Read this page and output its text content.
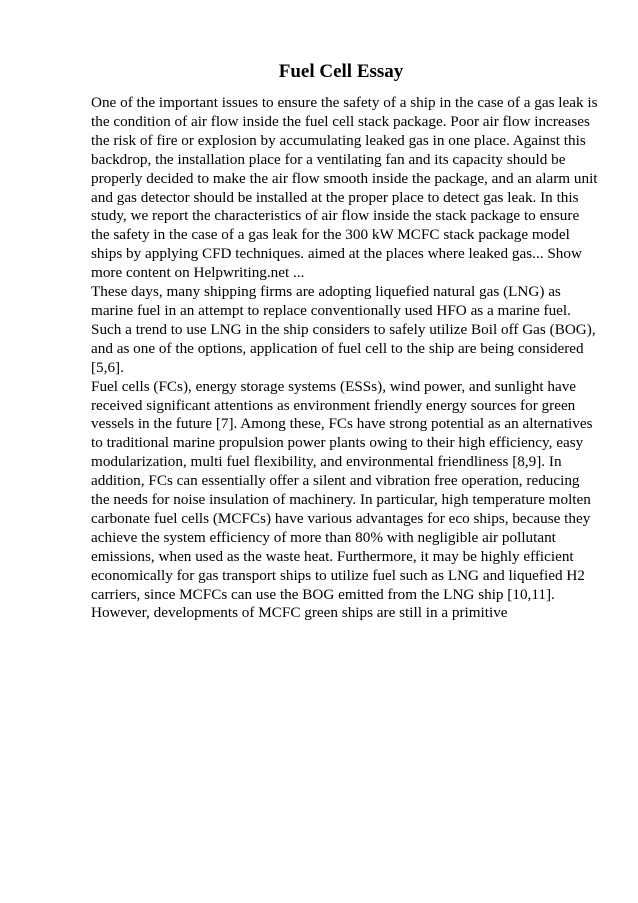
Fuel Cell Essay

One of the important issues to ensure the safety of a ship in the case of a gas leak is the condition of air flow inside the fuel cell stack package. Poor air flow increases the risk of fire or explosion by accumulating leaked gas in one place. Against this backdrop, the installation place for a ventilating fan and its capacity should be properly decided to make the air flow smooth inside the package, and an alarm unit and gas detector should be installed at the proper place to detect gas leak. In this study, we report the characteristics of air flow inside the stack package to ensure the safety in the case of a gas leak for the 300 kW MCFC stack package model ships by applying CFD techniques. aimed at the places where leaked gas... Show more content on Helpwriting.net ...

These days, many shipping firms are adopting liquefied natural gas (LNG) as marine fuel in an attempt to replace conventionally used HFO as a marine fuel.

Such a trend to use LNG in the ship considers to safely utilize Boil off Gas (BOG), and as one of the options, application of fuel cell to the ship are being considered [5,6].

Fuel cells (FCs), energy storage systems (ESSs), wind power, and sunlight have received significant attentions as environment friendly energy sources for green vessels in the future [7]. Among these, FCs have strong potential as an alternatives to traditional marine propulsion power plants owing to their high efficiency, easy modularization, multi fuel flexibility, and environmental friendliness [8,9]. In addition, FCs can essentially offer a silent and vibration free operation, reducing the needs for noise insulation of machinery. In particular, high temperature molten carbonate fuel cells (MCFCs) have various advantages for eco ships, because they achieve the system efficiency of more than 80% with negligible air pollutant emissions, when used as the waste heat. Furthermore, it may be highly efficient economically for gas transport ships to utilize fuel such as LNG and liquefied H2 carriers, since MCFCs can use the BOG emitted from the LNG ship [10,11]. However, developments of MCFC green ships are still in a primitive
